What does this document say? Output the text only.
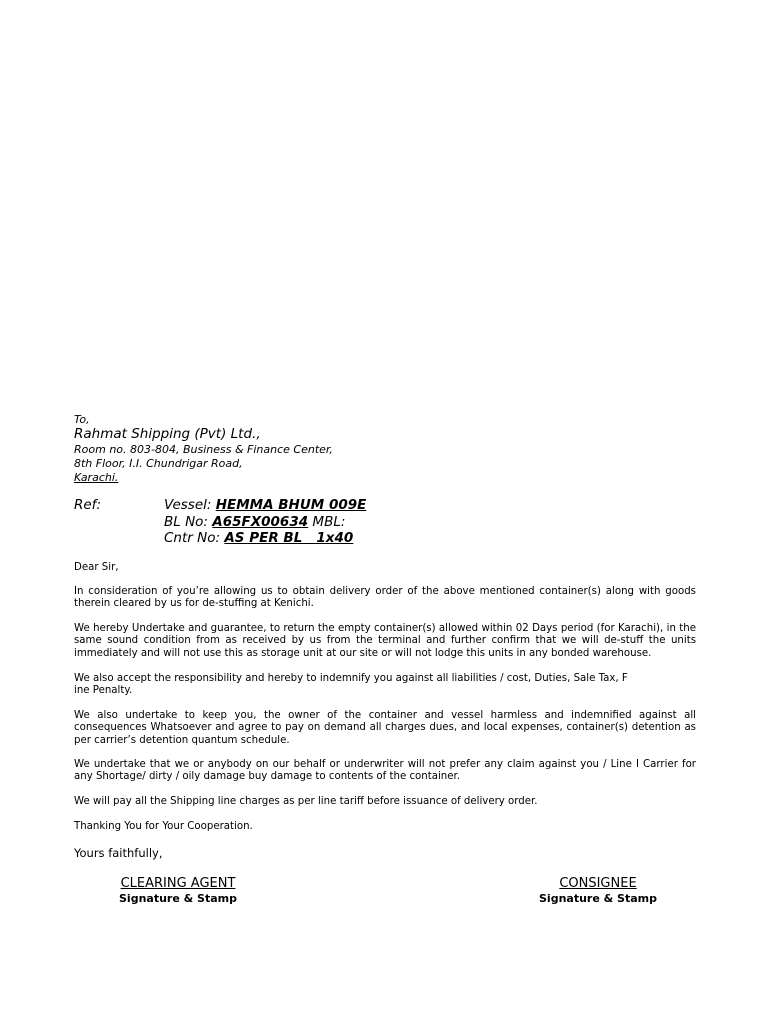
To,
Rahmat Shipping (Pvt) Ltd.,
Room no. 803-804, Business & Finance Center,
8th Floor, I.I. Chundrigar Road,
Karachi.
Ref:	Vessel: HEMMA BHUM 009E
BL No: A65FX00634 MBL:
Cntr No: AS PER BL   1x40
Dear Sir,
In consideration of you’re allowing us to obtain delivery order of the above mentioned container(s) along with goods therein cleared by us for de-stuffing at Kenichi.
We hereby Undertake and guarantee, to return the empty container(s) allowed within 02 Days period (for Karachi), in the same sound condition from as received by us from the terminal and further confirm that we will de-stuff the units immediately and will not use this as storage unit at our site or will not lodge this units in any bonded warehouse.
We also accept the responsibility and hereby to indemnify you against all liabilities / cost, Duties, Sale Tax, F
ine Penalty.
We also undertake to keep you, the owner of the container and vessel harmless and indemnified against all consequences Whatsoever and agree to pay on demand all charges dues, and local expenses, container(s) detention as per carrier’s detention quantum schedule.
We undertake that we or anybody on our behalf or underwriter will not prefer any claim against you / Line I Carrier for any Shortage/ dirty / oily damage buy damage to contents of the container.
We will pay all the Shipping line charges as per line tariff before issuance of delivery order.
Thanking You for Your Cooperation.
Yours faithfully,
CLEARING AGENT
Signature & Stamp
CONSIGNEE
Signature & Stamp
